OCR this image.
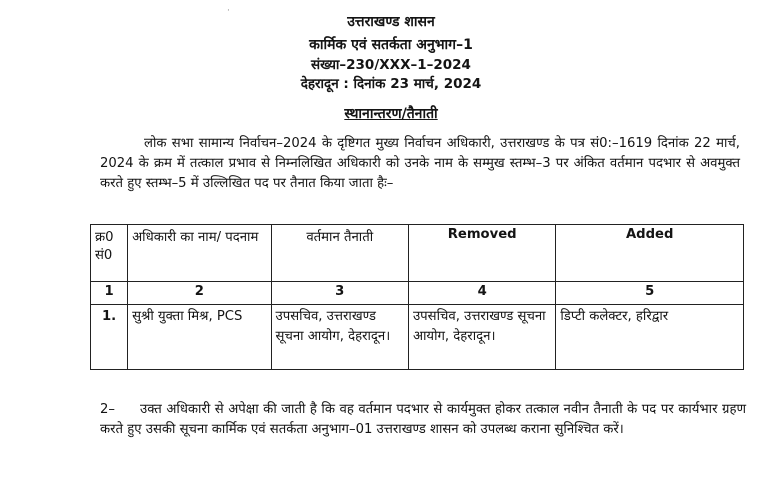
·
उत्तराखण्ड शासन
कार्मिक एवं सतर्कता अनुभाग–1
संख्या–230/XXX–1–2024
देहरादून : दिनांक 23 मार्च, 2024
स्थानान्तरण/तैनाती
लोक सभा सामान्य निर्वाचन–2024 के दृष्टिगत मुख्य निर्वाचन अधिकारी, उत्तराखण्ड के पत्र सं0:–1619 दिनांक 22 मार्च, 2024 के क्रम में तत्काल प्रभाव से निम्नलिखित अधिकारी को उनके नाम के सम्मुख स्तम्भ–3 पर अंकित वर्तमान पदभार से अवमुक्त करते हुए स्तम्भ–5 में उल्लिखित पद पर तैनात किया जाता हैः–
क्र0 सं0	अधिकारी का नाम/ पदनाम	वर्तमान तैनाती	Removed	Added
1	2	3	4	5
1.	सुश्री युक्ता मिश्र, PCS	उपसचिव, उत्तराखण्ड सूचना आयोग, देहरादून।	उपसचिव, उत्तराखण्ड सूचना आयोग, देहरादून।	डिप्टी कलेक्टर, हरिद्वार
2– उक्त अधिकारी से अपेक्षा की जाती है कि वह वर्तमान पदभार से कार्यमुक्त होकर तत्काल नवीन तैनाती के पद पर कार्यभार ग्रहण करते हुए उसकी सूचना कार्मिक एवं सतर्कता अनुभाग–01 उत्तराखण्ड शासन को उपलब्ध कराना सुनिश्चित करें।
